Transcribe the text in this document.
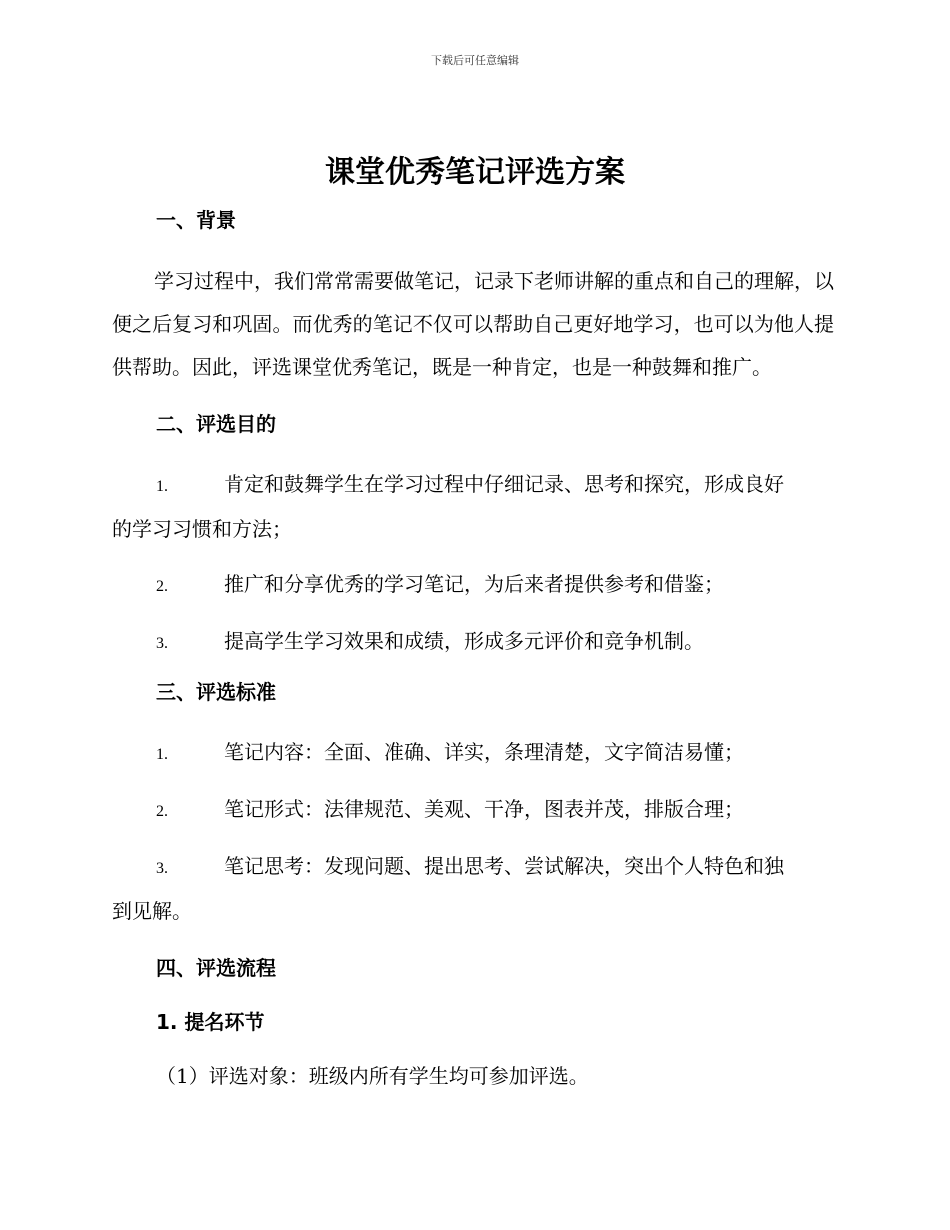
下载后可任意编辑
课堂优秀笔记评选方案
一、背景

学习过程中，我们常常需要做笔记，记录下老师讲解的重点和自己的理解，以便之后复习和巩固。而优秀的笔记不仅可以帮助自己更好地学习，也可以为他人提供帮助。因此，评选课堂优秀笔记，既是一种肯定，也是一种鼓舞和推广。

二、评选目的
1.	肯定和鼓舞学生在学习过程中仔细记录、思考和探究，形成良好
的学习习惯和方法；
2.	推广和分享优秀的学习笔记，为后来者提供参考和借鉴；
3.	提高学生学习效果和成绩，形成多元评价和竞争机制。
三、评选标准
1.	笔记内容：全面、准确、详实，条理清楚，文字简洁易懂；
2.	笔记形式：法律规范、美观、干净，图表并茂，排版合理；
3.	笔记思考：发现问题、提出思考、尝试解决，突出个人特色和独
到见解。
四、评选流程
1. 提名环节
（1）评选对象：班级内所有学生均可参加评选。
